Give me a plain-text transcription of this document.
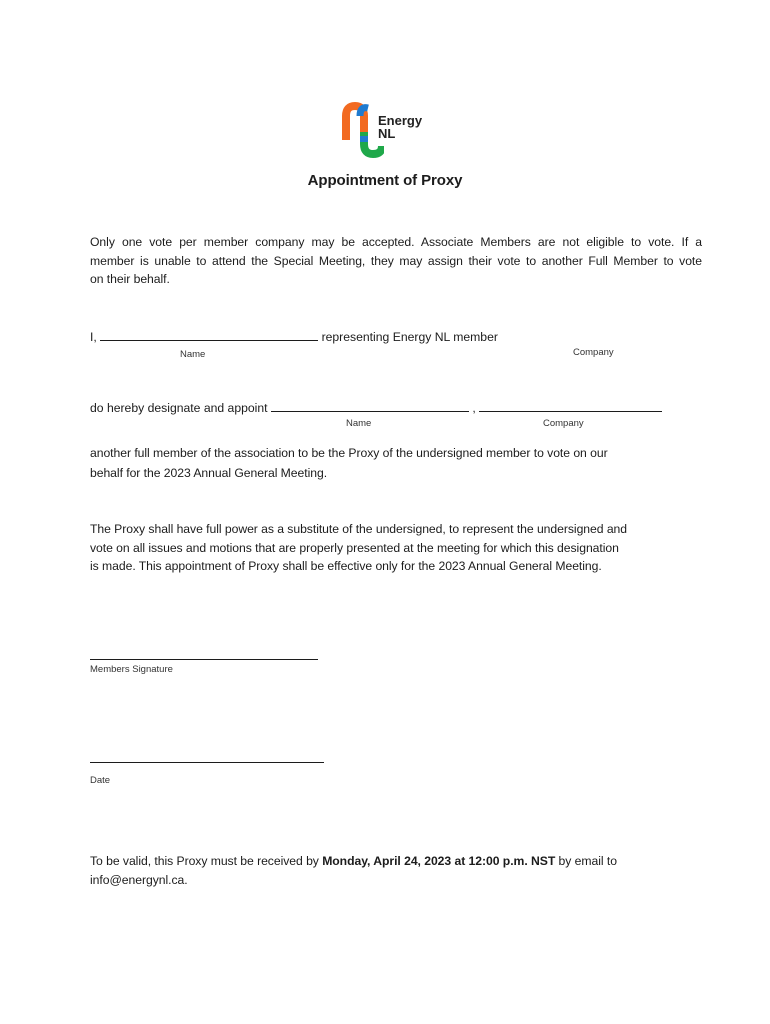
Energy
NL
Appointment of Proxy
Only one vote per member company may be accepted. Associate Members are not eligible to vote. If a
member is unable to attend the Special Meeting, they may assign their vote to another Full Member to vote
on their behalf.
I,	representing Energy NL member
Name	Company
do hereby designate and appoint	,
Name	Company
another full member of the association to be the Proxy of the undersigned member to vote on our
behalf for the 2023 Annual General Meeting.
The Proxy shall have full power as a substitute of the undersigned, to represent the undersigned and
vote on all issues and motions that are properly presented at the meeting for which this designation
is made. This appointment of Proxy shall be effective only for the 2023 Annual General Meeting.
Members Signature
Date
To be valid, this Proxy must be received by Monday, April 24, 2023 at 12:00 p.m. NST by email to
info@energynl.ca.
